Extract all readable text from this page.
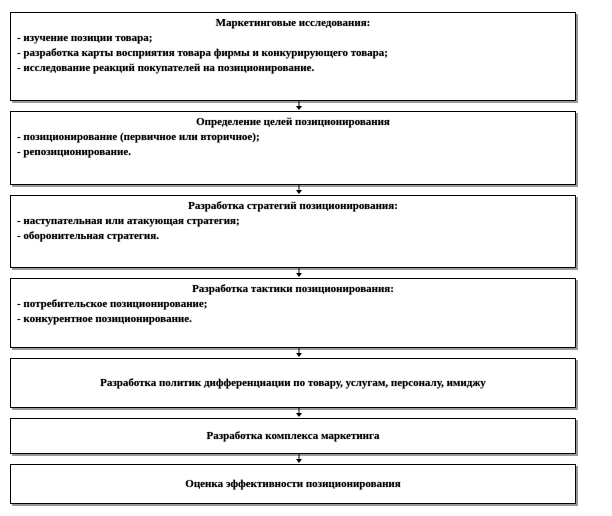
Маркетинговые исследования:
- изучение позиции товара;
- разработка карты восприятия товара фирмы и конкурирующего товара;
- исследование реакций покупателей на позиционирование.
Определение целей позиционирования
- позиционирование (первичное или вторичное);
- репозиционирование.
Разработка стратегий позиционирования:
- наступательная или атакующая стратегия;
- оборонительная стратегия.
Разработка тактики позиционирования:
- потребительское позиционирование;
- конкурентное позиционирование.
Разработка политик дифференциации по товару, услугам, персоналу, имиджу
Разработка комплекса маркетинга
Оценка эффективности позиционирования
